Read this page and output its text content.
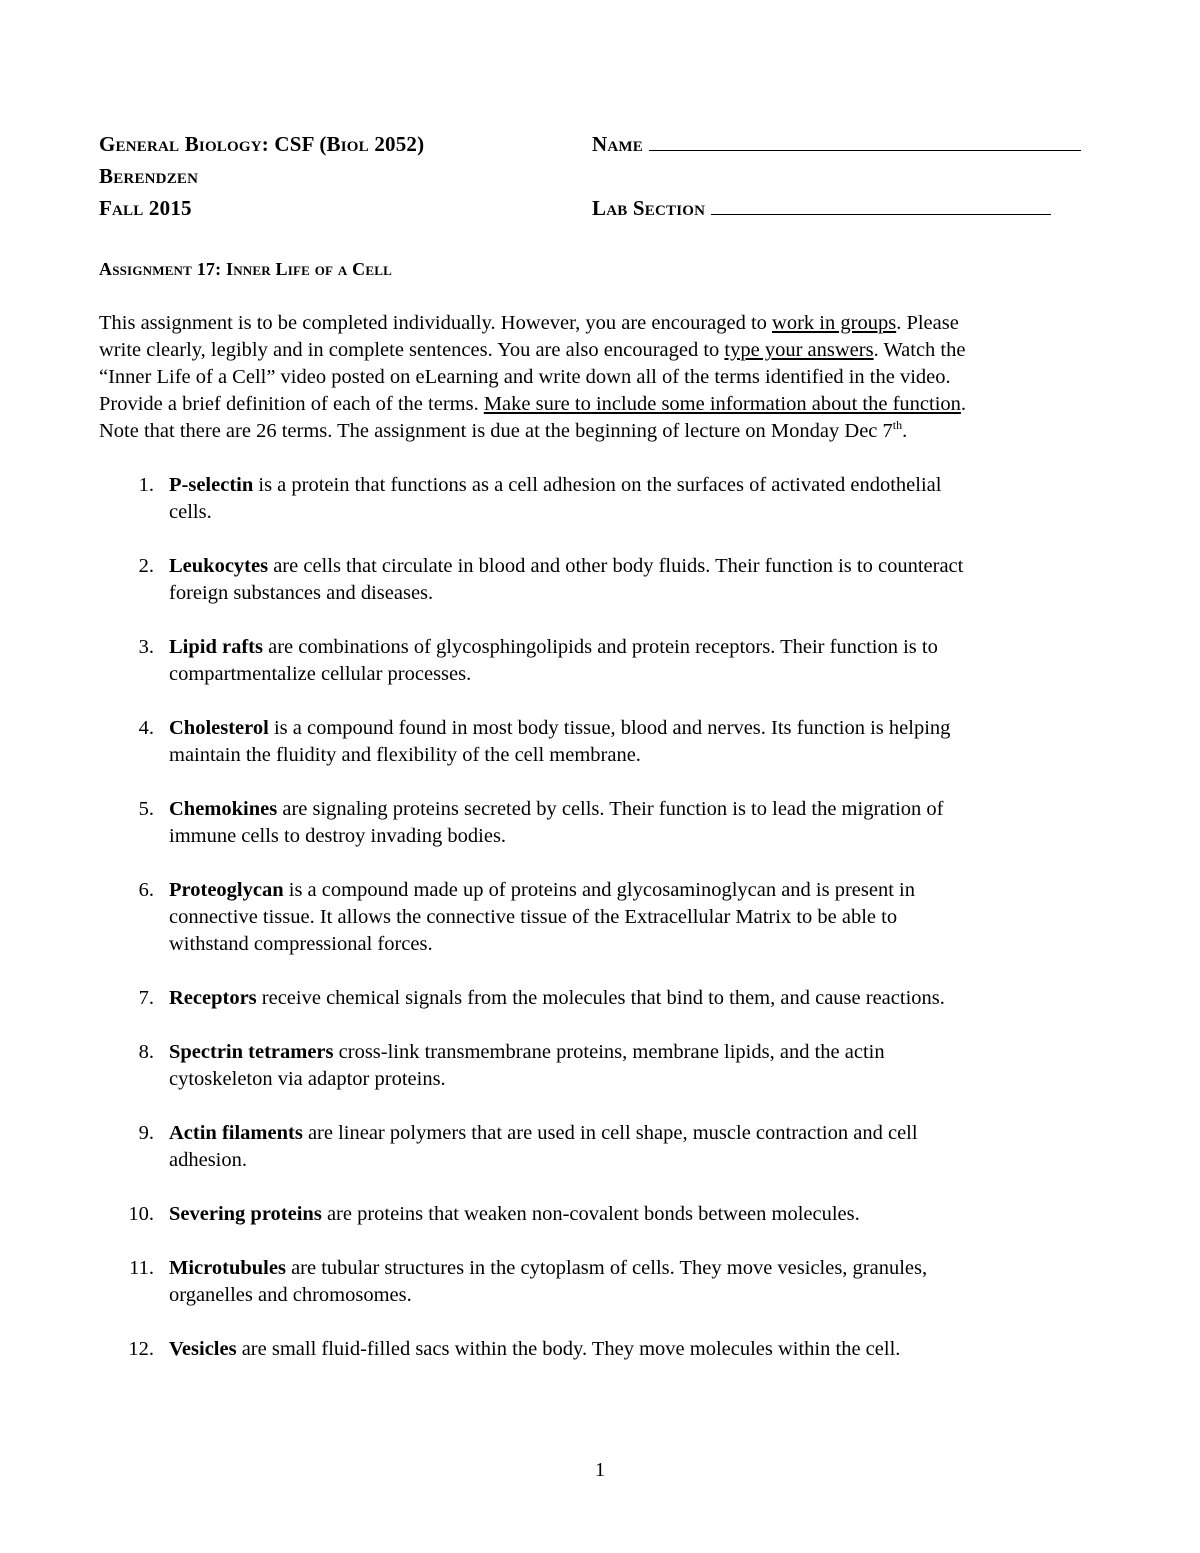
General Biology: CSF (Biol 2052)
Berendzen
Fall 2015
Name
Lab Section
Assignment 17: Inner Life of a Cell
This assignment is to be completed individually. However, you are encouraged to work in groups. Please
write clearly, legibly and in complete sentences. You are also encouraged to type your answers. Watch the
“Inner Life of a Cell” video posted on eLearning and write down all of the terms identified in the video.
Provide a brief definition of each of the terms. Make sure to include some information about the function.
Note that there are 26 terms. The assignment is due at the beginning of lecture on Monday Dec 7th.
1. P-selectin is a protein that functions as a cell adhesion on the surfaces of activated endothelial
cells.
2. Leukocytes are cells that circulate in blood and other body fluids. Their function is to counteract
foreign substances and diseases.
3. Lipid rafts are combinations of glycosphingolipids and protein receptors. Their function is to
compartmentalize cellular processes.
4. Cholesterol is a compound found in most body tissue, blood and nerves. Its function is helping
maintain the fluidity and flexibility of the cell membrane.
5. Chemokines are signaling proteins secreted by cells. Their function is to lead the migration of
immune cells to destroy invading bodies.
6. Proteoglycan is a compound made up of proteins and glycosaminoglycan and is present in
connective tissue. It allows the connective tissue of the Extracellular Matrix to be able to
withstand compressional forces.
7. Receptors receive chemical signals from the molecules that bind to them, and cause reactions.
8. Spectrin tetramers cross-link transmembrane proteins, membrane lipids, and the actin
cytoskeleton via adaptor proteins.
9. Actin filaments are linear polymers that are used in cell shape, muscle contraction and cell
adhesion.
10. Severing proteins are proteins that weaken non-covalent bonds between molecules.
11. Microtubules are tubular structures in the cytoplasm of cells. They move vesicles, granules,
organelles and chromosomes.
12. Vesicles are small fluid-filled sacs within the body. They move molecules within the cell.
1
